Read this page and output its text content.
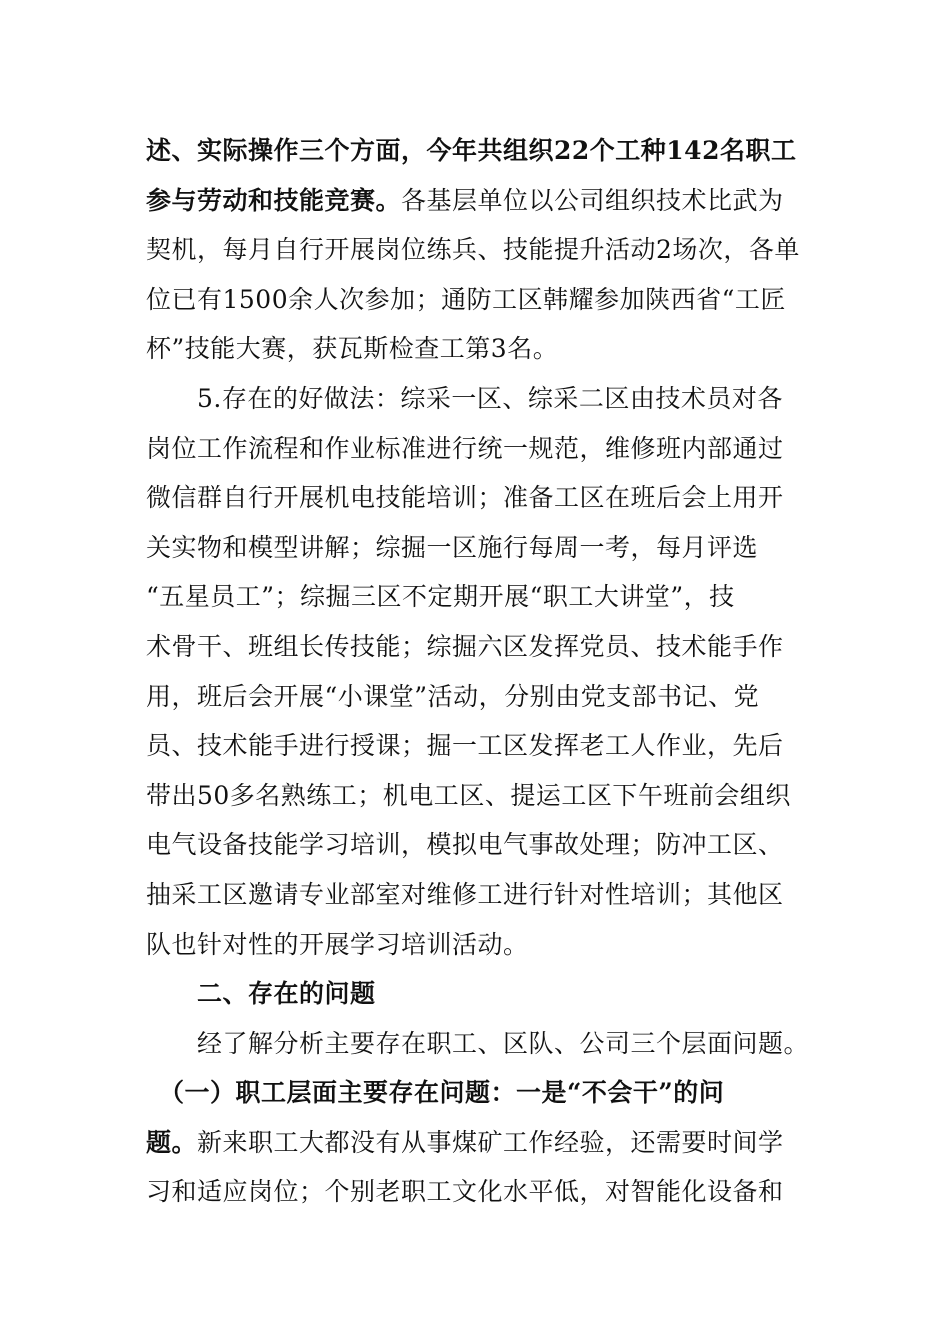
述、实际操作三个方面，今年共组织22个工种142名职工
参与劳动和技能竞赛。各基层单位以公司组织技术比武为
契机，每月自行开展岗位练兵、技能提升活动2场次，各单
位已有1500余人次参加；通防工区韩耀参加陕西省“工匠
杯”技能大赛，获瓦斯检查工第3名。
　　5.存在的好做法：综采一区、综采二区由技术员对各
岗位工作流程和作业标准进行统一规范，维修班内部通过
微信群自行开展机电技能培训；准备工区在班后会上用开
关实物和模型讲解；综掘一区施行每周一考，每月评选
“五星员工”；综掘三区不定期开展“职工大讲堂”，技
术骨干、班组长传技能；综掘六区发挥党员、技术能手作
用，班后会开展“小课堂”活动，分别由党支部书记、党
员、技术能手进行授课；掘一工区发挥老工人作业，先后
带出50多名熟练工；机电工区、提运工区下午班前会组织
电气设备技能学习培训，模拟电气事故处理；防冲工区、
抽采工区邀请专业部室对维修工进行针对性培训；其他区
队也针对性的开展学习培训活动。
　　二、存在的问题
　　经了解分析主要存在职工、区队、公司三个层面问题。
　（一）职工层面主要存在问题：一是“不会干”的问
题。新来职工大都没有从事煤矿工作经验，还需要时间学
习和适应岗位；个别老职工文化水平低，对智能化设备和
